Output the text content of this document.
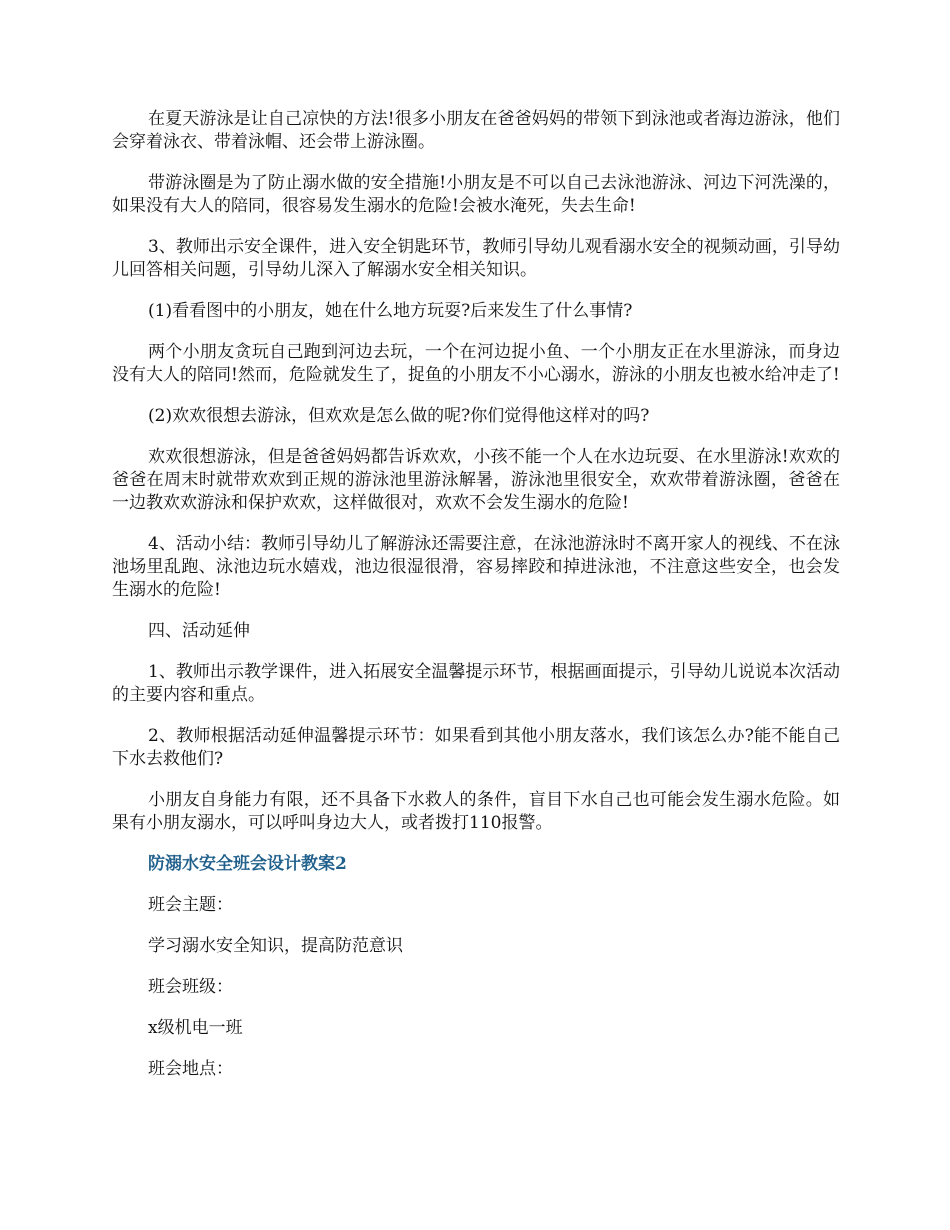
在夏天游泳是让自己凉快的方法!很多小朋友在爸爸妈妈的带领下到泳池或者海边游泳，他们会穿着泳衣、带着泳帽、还会带上游泳圈。

带游泳圈是为了防止溺水做的安全措施!小朋友是不可以自己去泳池游泳、河边下河洗澡的，如果没有大人的陪同，很容易发生溺水的危险!会被水淹死，失去生命!

3、教师出示安全课件，进入安全钥匙环节，教师引导幼儿观看溺水安全的视频动画，引导幼儿回答相关问题，引导幼儿深入了解溺水安全相关知识。

(1)看看图中的小朋友，她在什么地方玩耍?后来发生了什么事情?

两个小朋友贪玩自己跑到河边去玩，一个在河边捉小鱼、一个小朋友正在水里游泳，而身边没有大人的陪同!然而，危险就发生了，捉鱼的小朋友不小心溺水，游泳的小朋友也被水给冲走了!

(2)欢欢很想去游泳，但欢欢是怎么做的呢?你们觉得他这样对的吗?

欢欢很想游泳，但是爸爸妈妈都告诉欢欢，小孩不能一个人在水边玩耍、在水里游泳!欢欢的爸爸在周末时就带欢欢到正规的游泳池里游泳解暑，游泳池里很安全，欢欢带着游泳圈，爸爸在一边教欢欢游泳和保护欢欢，这样做很对，欢欢不会发生溺水的危险!

4、活动小结：教师引导幼儿了解游泳还需要注意，在泳池游泳时不离开家人的视线、不在泳池场里乱跑、泳池边玩水嬉戏，池边很湿很滑，容易摔跤和掉进泳池，不注意这些安全，也会发生溺水的危险!

四、活动延伸

1、教师出示教学课件，进入拓展安全温馨提示环节，根据画面提示，引导幼儿说说本次活动的主要内容和重点。

2、教师根据活动延伸温馨提示环节：如果看到其他小朋友落水，我们该怎么办?能不能自己下水去救他们?

小朋友自身能力有限，还不具备下水救人的条件，盲目下水自己也可能会发生溺水危险。如果有小朋友溺水，可以呼叫身边大人，或者拨打110报警。

防溺水安全班会设计教案2

班会主题：

学习溺水安全知识，提高防范意识

班会班级：

x级机电一班

班会地点：
